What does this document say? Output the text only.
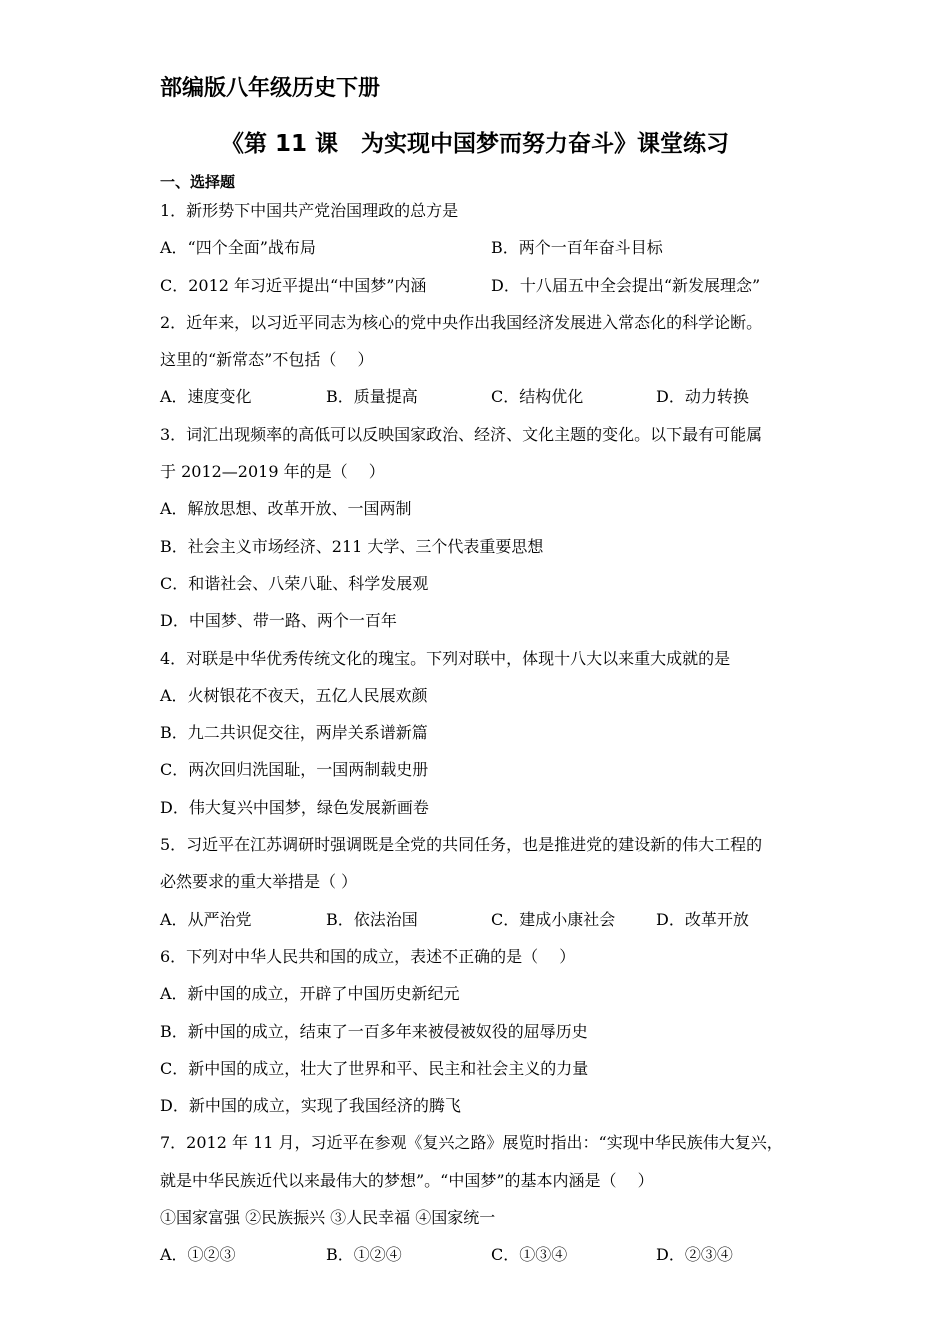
部编版八年级历史下册
《第 11 课　为实现中国梦而努力奋斗》课堂练习
一、选择题
1．新形势下中国共产党治国理政的总方是
A．“四个全面”战布局	B．两个一百年奋斗目标
C．2012 年习近平提出“中国梦”内涵	D．十八届五中全会提出“新发展理念”
2．近年来，以习近平同志为核心的党中央作出我国经济发展进入常态化的科学论断。
这里的“新常态”不包括（　 ）
A．速度变化	B．质量提高	C．结构优化	D．动力转换
3．词汇出现频率的高低可以反映国家政治、经济、文化主题的变化。以下最有可能属
于 2012—2019 年的是（　 ）
A．解放思想、改革开放、一国两制
B．社会主义市场经济、211 大学、三个代表重要思想
C．和谐社会、八荣八耻、科学发展观
D．中国梦、带一路、两个一百年
4．对联是中华优秀传统文化的瑰宝。下列对联中，体现十八大以来重大成就的是
A．火树银花不夜天，五亿人民展欢颜
B．九二共识促交往，两岸关系谱新篇
C．两次回归洗国耻，一国两制载史册
D．伟大复兴中国梦，绿色发展新画卷
5．习近平在江苏调研时强调既是全党的共同任务，也是推进党的建设新的伟大工程的
必然要求的重大举措是（ ）
A．从严治党	B．依法治国	C．建成小康社会	D．改革开放
6．下列对中华人民共和国的成立，表述不正确的是（　 ）
A．新中国的成立，开辟了中国历史新纪元
B．新中国的成立，结束了一百多年来被侵被奴役的屈辱历史
C．新中国的成立，壮大了世界和平、民主和社会主义的力量
D．新中国的成立，实现了我国经济的腾飞
7．2012 年 11 月，习近平在参观《复兴之路》展览时指出：“实现中华民族伟大复兴，
就是中华民族近代以来最伟大的梦想”。“中国梦”的基本内涵是（　 ）
①国家富强 ②民族振兴 ③人民幸福 ④国家统一
A．①②③	B．①②④	C．①③④	D．②③④
